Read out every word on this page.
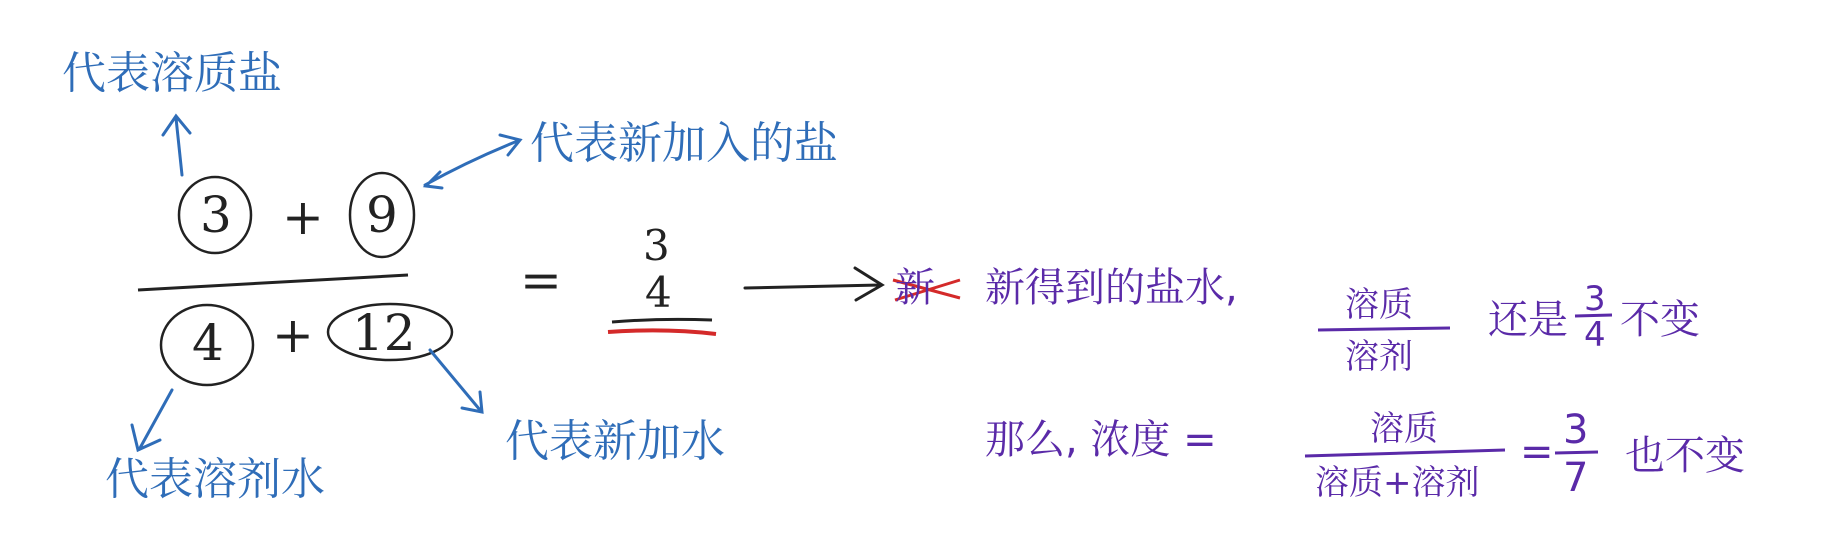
代表溶质盐
代表新加入的盐
代表溶剂水
代表新加水
3 + 9
4 + 12
=
3
4	新 新得到的盐水,	溶质
溶剂
还是 3
4 不变
那么, 浓度 =	溶质
溶质+溶剂
= 3
7 也不变
